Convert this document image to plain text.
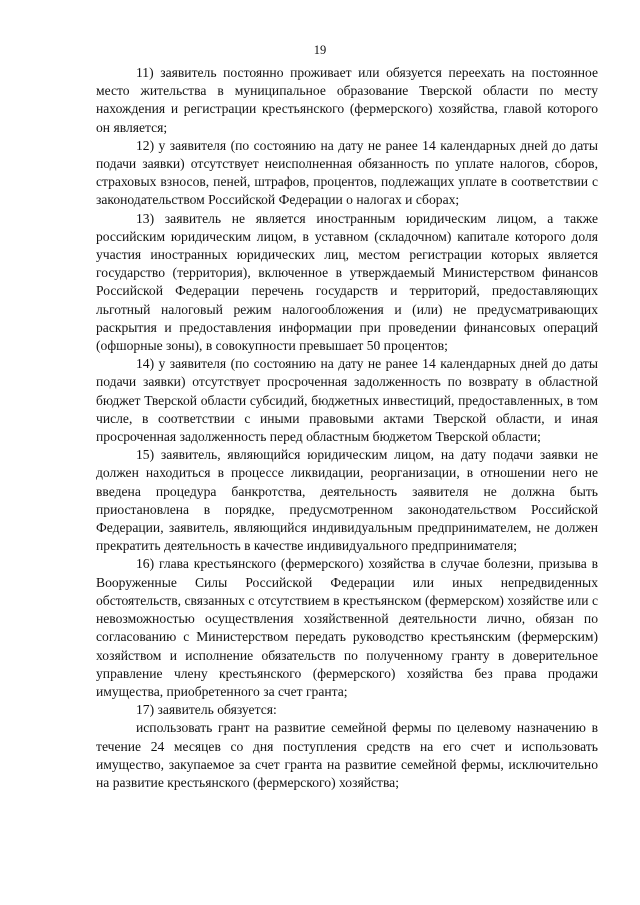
19

11) заявитель постоянно проживает или обязуется переехать на постоянное место жительства в муниципальное образование Тверской области по месту нахождения и регистрации крестьянского (фермерского) хозяйства, главой которого он является;

12) у заявителя (по состоянию на дату не ранее 14 календарных дней до даты подачи заявки) отсутствует неисполненная обязанность по уплате налогов, сборов, страховых взносов, пеней, штрафов, процентов, подлежащих уплате в соответствии с законодательством Российской Федерации о налогах и сборах;

13) заявитель не является иностранным юридическим лицом, а также российским юридическим лицом, в уставном (складочном) капитале которого доля участия иностранных юридических лиц, местом регистрации которых является государство (территория), включенное в утверждаемый Министерством финансов Российской Федерации перечень государств и территорий, предоставляющих льготный налоговый режим налогообложения и (или) не предусматривающих раскрытия и предоставления информации при проведении финансовых операций (офшорные зоны), в совокупности превышает 50 процентов;

14) у заявителя (по состоянию на дату не ранее 14 календарных дней до даты подачи заявки) отсутствует просроченная задолженность по возврату в областной бюджет Тверской области субсидий, бюджетных инвестиций, предоставленных, в том числе, в соответствии с иными правовыми актами Тверской области, и иная просроченная задолженность перед областным бюджетом Тверской области;

15) заявитель, являющийся юридическим лицом, на дату подачи заявки не должен находиться в процессе ликвидации, реорганизации, в отношении него не введена процедура банкротства, деятельность заявителя не должна быть приостановлена в порядке, предусмотренном законодательством Российской Федерации, заявитель, являющийся индивидуальным предпринимателем, не должен прекратить деятельность в качестве индивидуального предпринимателя;

16) глава крестьянского (фермерского) хозяйства в случае болезни, призыва в Вооруженные Силы Российской Федерации или иных непредвиденных обстоятельств, связанных с отсутствием в крестьянском (фермерском) хозяйстве или с невозможностью осуществления хозяйственной деятельности лично, обязан по согласованию с Министерством передать руководство крестьянским (фермерским) хозяйством и исполнение обязательств по полученному гранту в доверительное управление члену крестьянского (фермерского) хозяйства без права продажи имущества, приобретенного за счет гранта;

17) заявитель обязуется:

использовать грант на развитие семейной фермы по целевому назначению в течение 24 месяцев со дня поступления средств на его счет и использовать имущество, закупаемое за счет гранта на развитие семейной фермы, исключительно на развитие крестьянского (фермерского) хозяйства;
